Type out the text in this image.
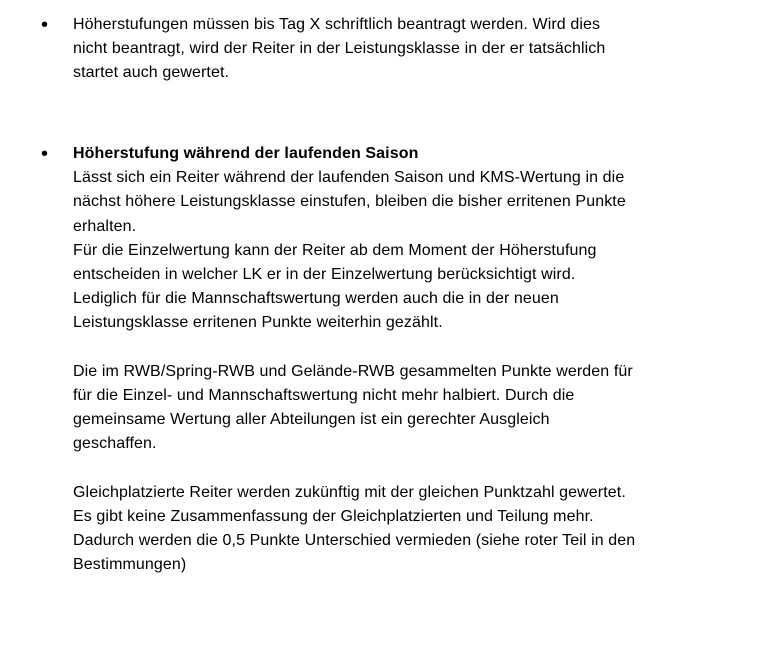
• Höherstufungen müssen bis Tag X schriftlich beantragt werden. Wird dies
nicht beantragt, wird der Reiter in der Leistungsklasse in der er tatsächlich
startet auch gewertet.
• Höherstufung während der laufenden Saison
Lässt sich ein Reiter während der laufenden Saison und KMS-Wertung in die
nächst höhere Leistungsklasse einstufen, bleiben die bisher erritenen Punkte
erhalten.
Für die Einzelwertung kann der Reiter ab dem Moment der Höherstufung
entscheiden in welcher LK er in der Einzelwertung berücksichtigt wird.
Lediglich für die Mannschaftswertung werden auch die in der neuen
Leistungsklasse erritenen Punkte weiterhin gezählt.
Die im RWB/Spring-RWB und Gelände-RWB gesammelten Punkte werden für
für die Einzel- und Mannschaftswertung nicht mehr halbiert. Durch die
gemeinsame Wertung aller Abteilungen ist ein gerechter Ausgleich
geschaffen.
Gleichplatzierte Reiter werden zukünftig mit der gleichen Punktzahl gewertet.
Es gibt keine Zusammenfassung der Gleichplatzierten und Teilung mehr.
Dadurch werden die 0,5 Punkte Unterschied vermieden (siehe roter Teil in den
Bestimmungen)
